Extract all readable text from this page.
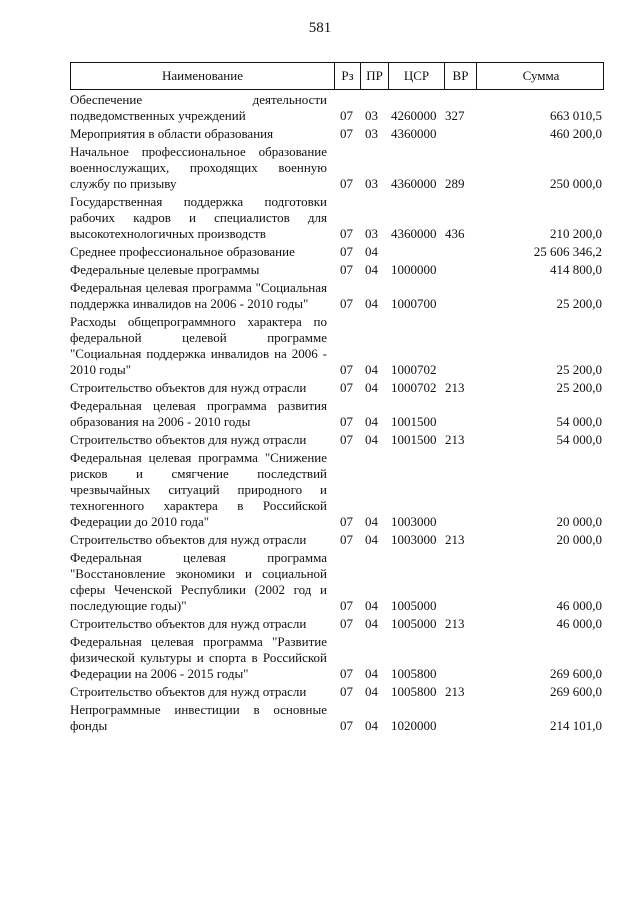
581
Наименование	Рз ПР	ЦСР	ВР	Сумма
Обеспечение деятельности подведомственных учреждений	07 03	4260000 327	663 010,5
Мероприятия в области образования	07 03	4360000	460 200,0
Начальное профессиональное образование военнослужащих, проходящих военную службу по призыву	07 03	4360000 289	250 000,0
Государственная поддержка подготовки рабочих кадров и специалистов для высокотехнологичных производств	07 03	4360000 436	210 200,0
Среднее профессиональное образование	07 04	25 606 346,2
Федеральные целевые программы	07 04	1000000	414 800,0
Федеральная целевая программа "Социальная поддержка инвалидов на 2006 - 2010 годы"	07 04	1000700	25 200,0
Расходы общепрограммного характера по федеральной целевой программе "Социальная поддержка инвалидов на 2006 - 2010 годы"	07 04	1000702	25 200,0
Строительство объектов для нужд отрасли	07 04	1000702 213	25 200,0
Федеральная целевая программа развития образования на 2006 - 2010 годы	07 04	1001500	54 000,0
Строительство объектов для нужд отрасли	07 04	1001500 213	54 000,0
Федеральная целевая программа "Снижение рисков и смягчение последствий чрезвычайных ситуаций природного и техногенного характера в Российской Федерации до 2010 года"	07 04	1003000	20 000,0
Строительство объектов для нужд отрасли	07 04	1003000 213	20 000,0
Федеральная целевая программа "Восстановление экономики и социальной сферы Чеченской Республики (2002 год и последующие годы)"	07 04	1005000	46 000,0
Строительство объектов для нужд отрасли	07 04	1005000 213	46 000,0
Федеральная целевая программа "Развитие физической культуры и спорта в Российской Федерации на 2006 - 2015 годы"	07 04	1005800	269 600,0
Строительство объектов для нужд отрасли	07 04	1005800 213	269 600,0
Непрограммные инвестиции в основные фонды	07 04	1020000	214 101,0
